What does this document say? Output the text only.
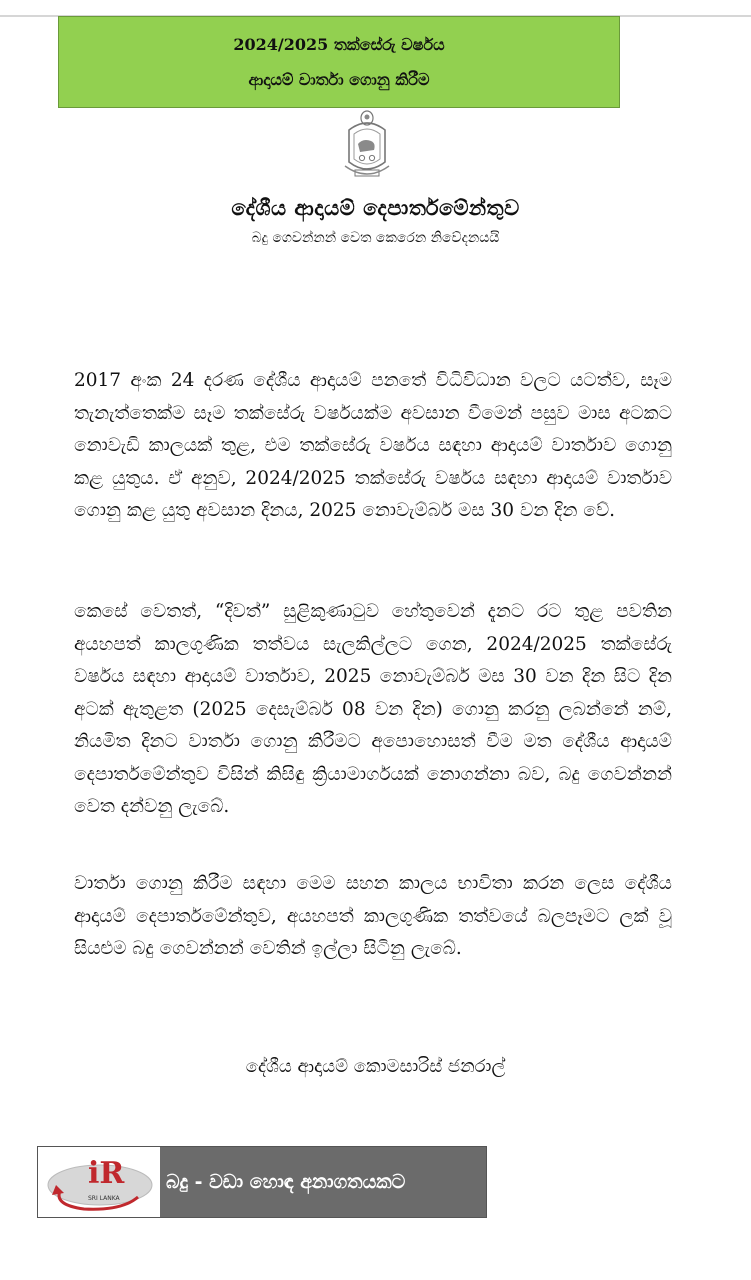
2024/2025 තක්සේරු වර්ෂය
ආදායම් වාර්තා ගොනු කිරීම
දේශීය ආදායම් දෙපාර්තමේන්තුව
බදු ගෙවන්නන් වෙත කෙරෙන නිවේදනයයි

2017 අංක 24 දරණ දේශීය ආදායම් පනතේ විධිවිධාන වලට යටත්ව, සෑම තැනැත්තෙක්ම සෑම තක්සේරු වර්ෂයක්ම අවසාන වීමෙන් පසුව මාස අටකට නොවැඩි කාලයක් තුළ, එම තක්සේරු වර්ෂය සඳහා ආදායම් වාර්තාව ගොනු කළ යුතුය. ඒ අනුව, 2024/2025 තක්සේරු වර්ෂය සඳහා ආදායම් වාර්තාව ගොනු කළ යුතු අවසාන දිනය, 2025 නොවැම්බර් මස 30 වන දින වේ.

කෙසේ වෙතත්, “දිවත්” සුළිකුණාටුව හේතුවෙන් දැනට රට තුළ පවතින අයහපත් කාලගුණික තත්වය සැලකිල්ලට ගෙන, 2024/2025 තක්සේරු වර්ෂය සඳහා ආදායම් වාර්තාව, 2025 නොවැම්බර් මස 30 වන දින සිට දින අටක් ඇතුළත (2025 දෙසැම්බර් 08 වන දින) ගොනු කරනු ලබන්නේ නම්, නියමිත දිනට වාර්තා ගොනු කිරීමට අපොහොසත් වීම මත දේශීය ආදායම් දෙපාර්තමේන්තුව විසින් කිසිඳු ක්‍රියාමාර්ගයක් නොගන්නා බව, බදු ගෙවන්නන් වෙත දන්වනු ලැබේ.

වාර්තා ගොනු කිරීම සඳහා මෙම සහන කාලය භාවිතා කරන ලෙස දේශීය ආදායම් දෙපාර්තමේන්තුව, අයහපත් කාලගුණික තත්වයේ බලපෑමට ලක් වූ සියළුම බදු ගෙවන්නන් වෙතින් ඉල්ලා සිටිනු ලැබේ.

දේශීය ආදායම් කොමසාරිස් ජනරාල්
iR
SRI LANKA
බදු - වඩා හොඳ අනාගතයකට
